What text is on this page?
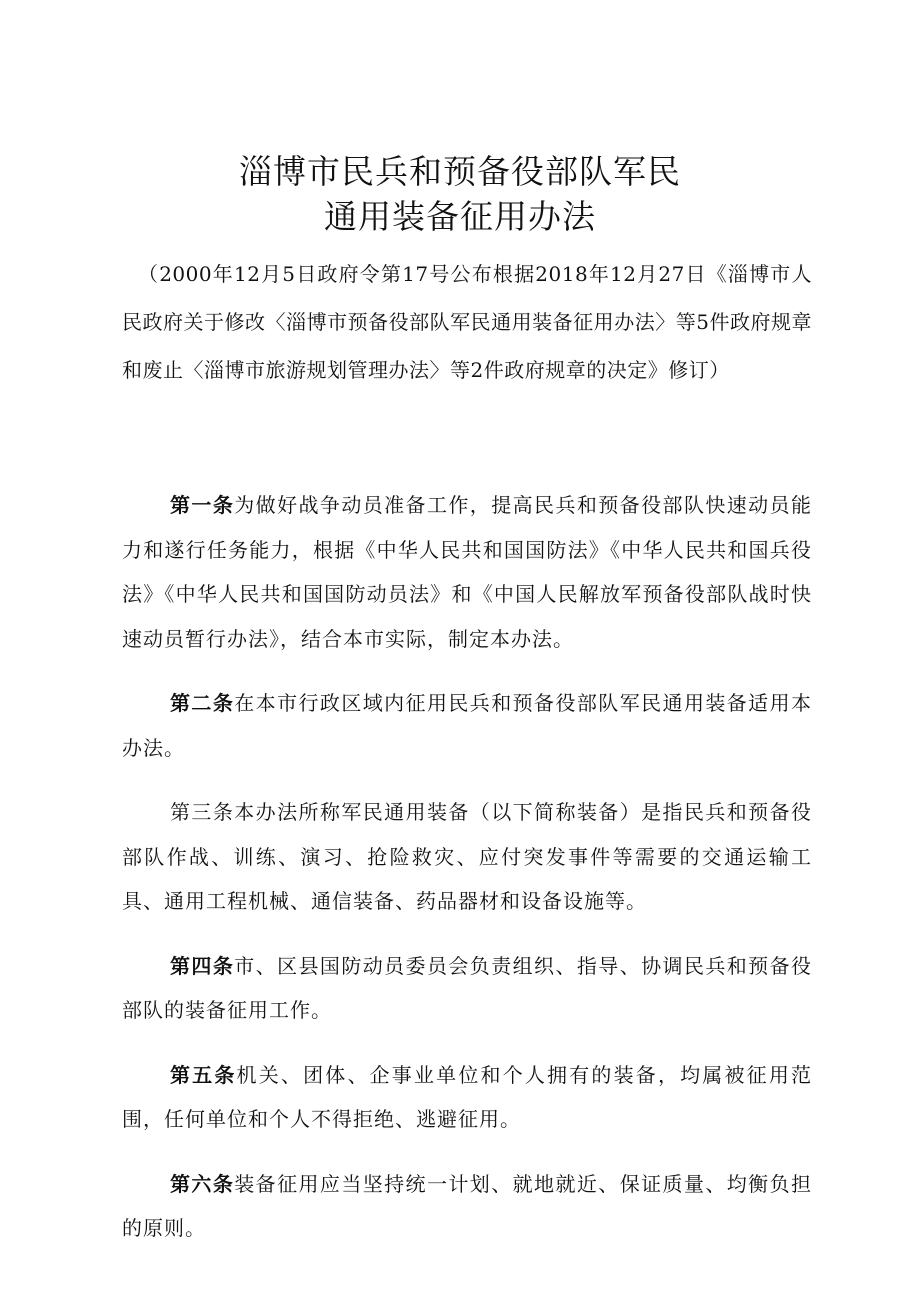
淄博市民兵和预备役部队军民
通用装备征用办法

（2000年12月5日政府令第17号公布根据2018年12月27日《淄博市人民政府关于修改〈淄博市预备役部队军民通用装备征用办法〉等5件政府规章和废止〈淄博市旅游规划管理办法〉等2件政府规章的决定》修订）

第一条为做好战争动员准备工作，提高民兵和预备役部队快速动员能力和遂行任务能力，根据《中华人民共和国国防法》《中华人民共和国兵役法》《中华人民共和国国防动员法》和《中国人民解放军预备役部队战时快速动员暂行办法》，结合本市实际，制定本办法。

第二条在本市行政区域内征用民兵和预备役部队军民通用装备适用本办法。

第三条本办法所称军民通用装备（以下简称装备）是指民兵和预备役部队作战、训练、演习、抢险救灾、应付突发事件等需要的交通运输工具、通用工程机械、通信装备、药品器材和设备设施等。

第四条市、区县国防动员委员会负责组织、指导、协调民兵和预备役部队的装备征用工作。

第五条机关、团体、企事业单位和个人拥有的装备，均属被征用范围，任何单位和个人不得拒绝、逃避征用。

第六条装备征用应当坚持统一计划、就地就近、保证质量、均衡负担的原则。
